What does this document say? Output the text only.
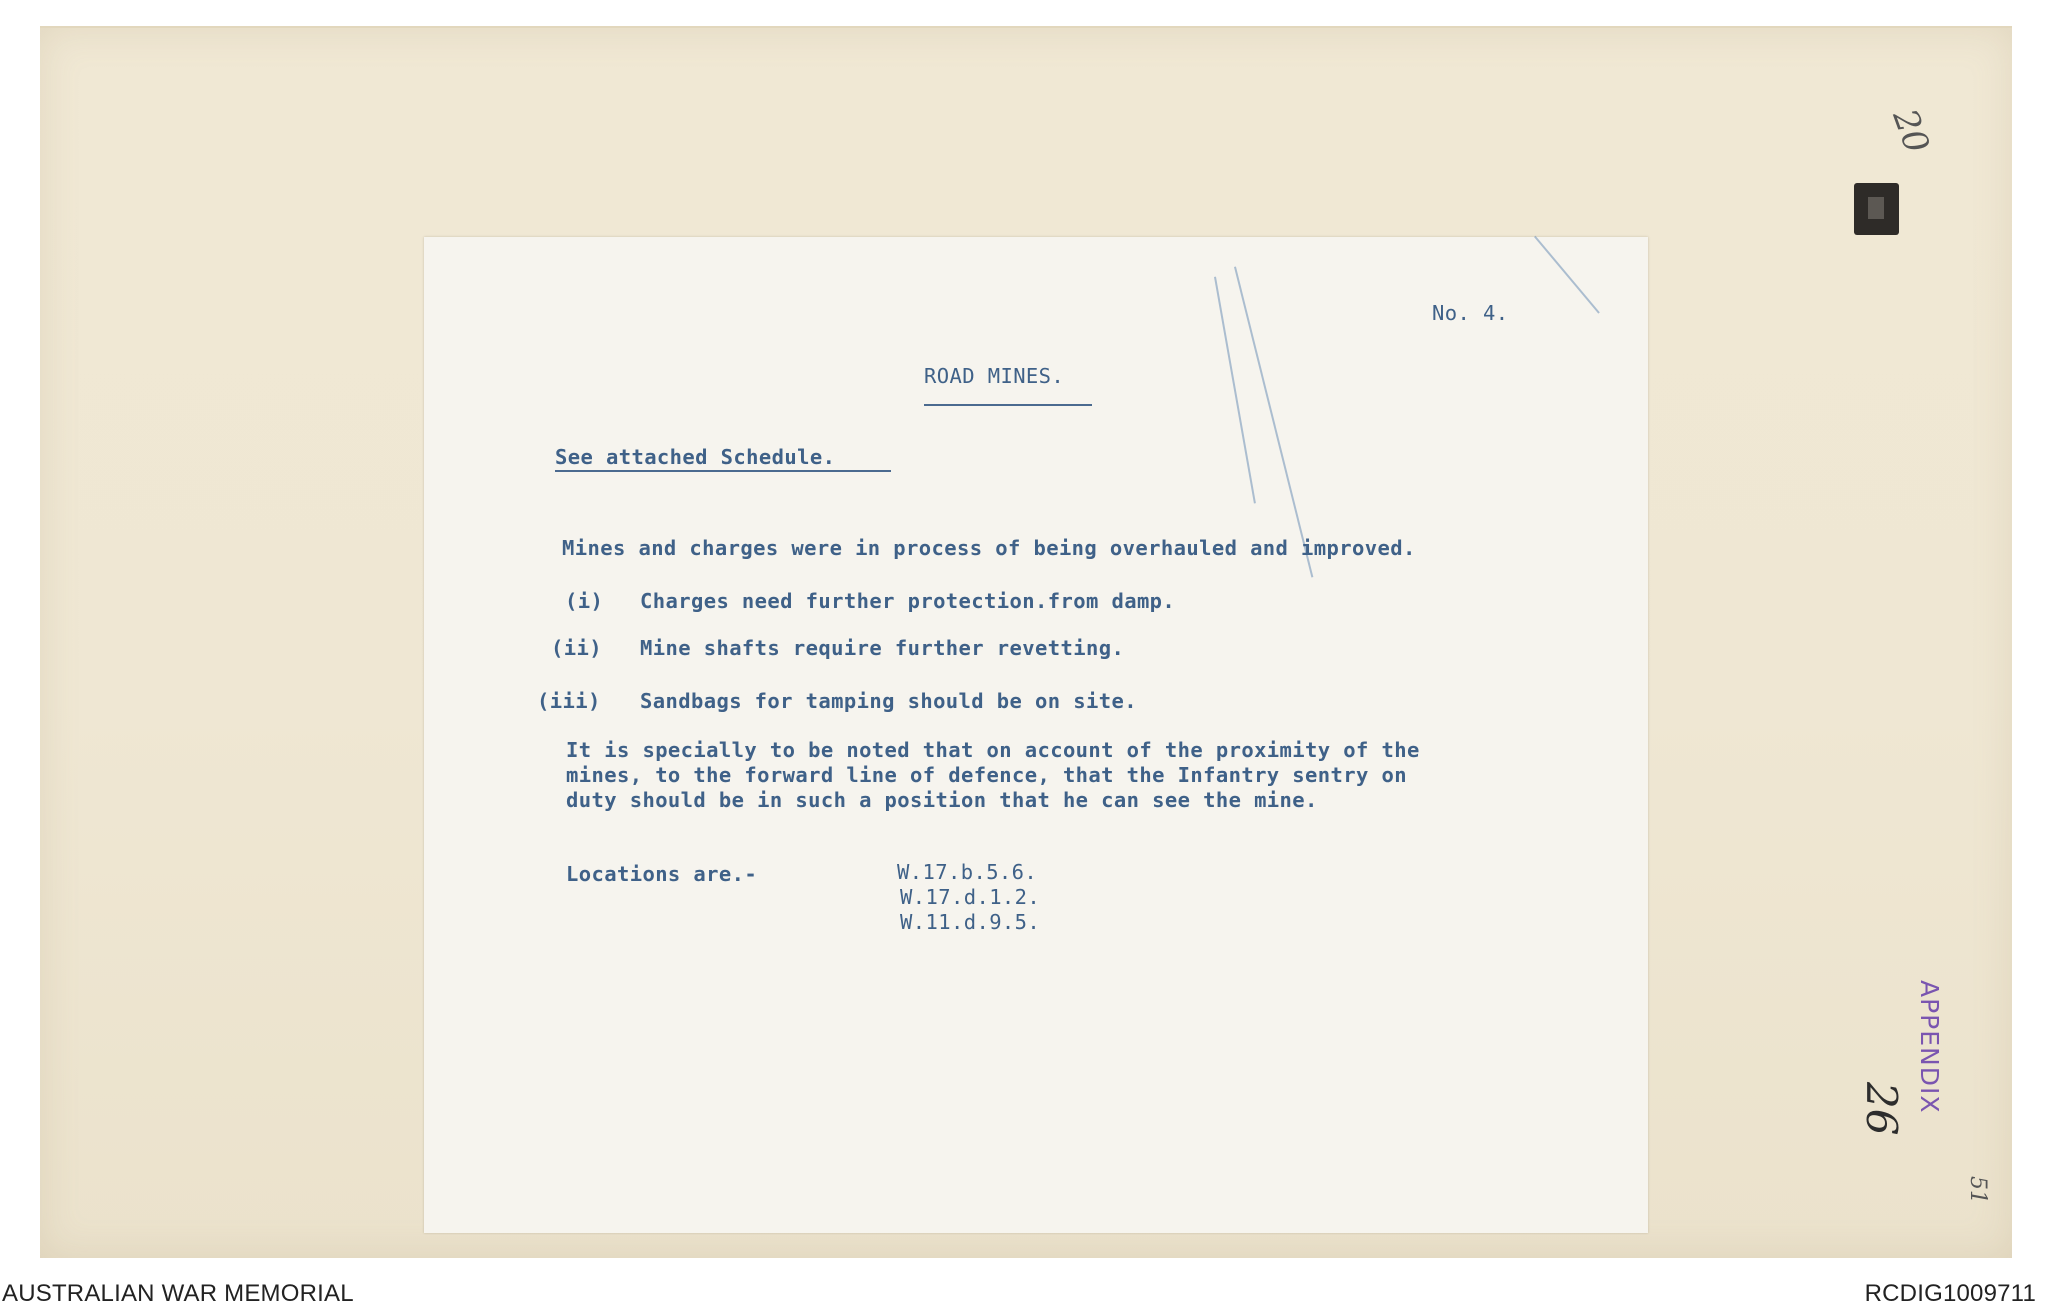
20
No. 4.
ROAD MINES.
See attached Schedule.
Mines and charges were in process of being overhauled and improved.
(i) Charges need further protection.from damp.
(ii) Mine shafts require further revetting.
(iii) Sandbags for tamping should be on site.
It is specially to be noted that on account of the proximity of the
mines, to the forward line of defence, that the Infantry sentry on
duty should be in such a position that he can see the mine.
Locations are.-	W.17.b.5.6.
W.17.d.1.2.
W.11.d.9.5.
APPENDIX
26
51
AUSTRALIAN WAR MEMORIAL	RCDIG1009711
